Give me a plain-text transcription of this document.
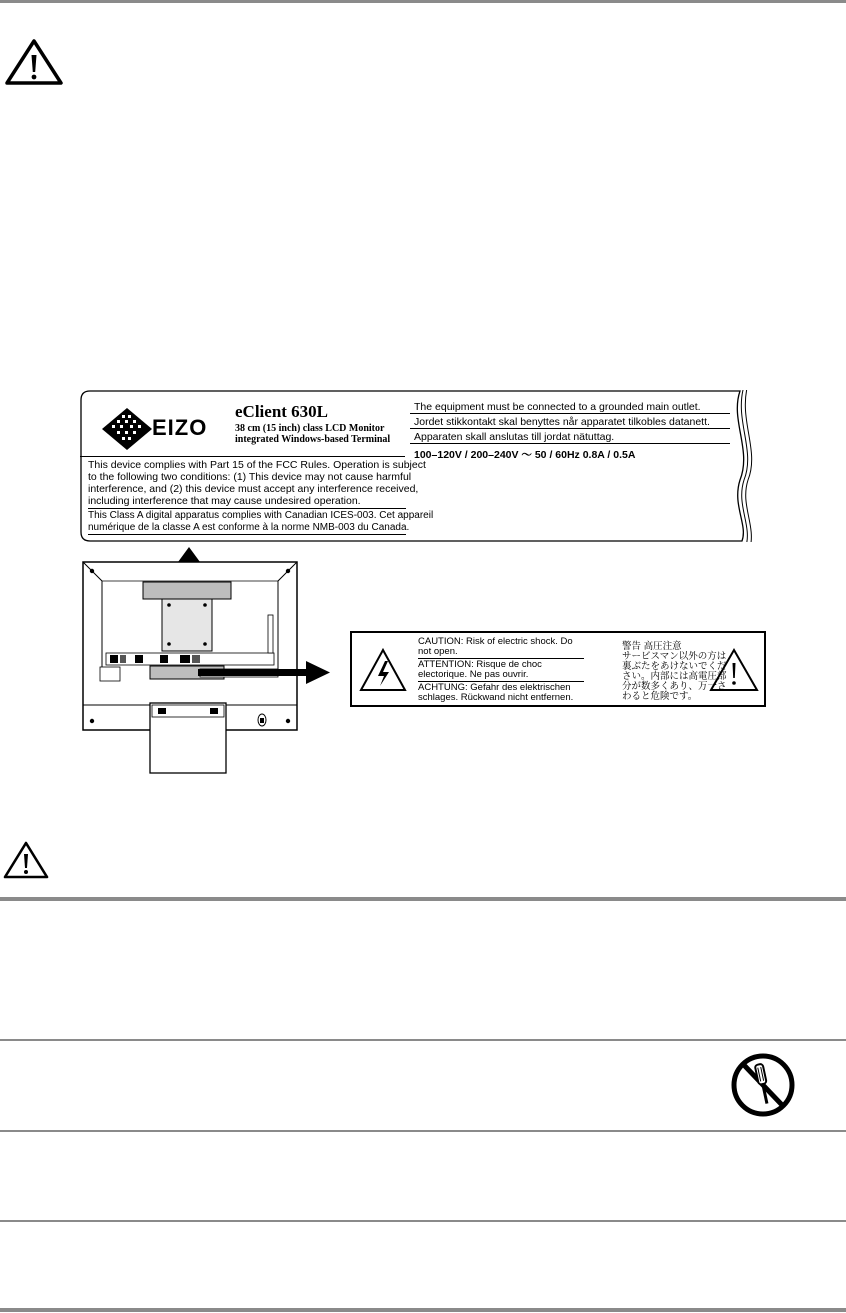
EIZO
eClient 630L
38 cm (15 inch) class LCD Monitor
integrated Windows-based Terminal
This device complies with Part 15 of the FCC Rules. Operation is subject
to the following two conditions: (1) This device may not cause harmful
interference, and (2) this device must accept any interference received,
including interference that may cause undesired operation.
This Class A digital apparatus complies with Canadian ICES-003. Cet appareil
numérique de la classe A est conforme à la norme NMB-003 du Canada.
The equipment must be connected to a grounded main outlet.
Jordet stikkontakt skal benyttes når apparatet tilkobles datanett.
Apparaten skall anslutas till jordat nätuttag.
100–120V / 200–240V ～ 50 / 60Hz 0.8A / 0.5A
CAUTION: Risk of electric shock. Do
not open.
ATTENTION: Risque de choc
electorique. Ne pas ouvrir.
ACHTUNG: Gefahr des elektrischen
schlages. Rückwand nicht entfernen.
警告 高圧注意
サービスマン以外の方は
裏ぶたをあけないでくだ
さい。内部には高電圧部
分が数多くあり、万一さ
わると危険です。
